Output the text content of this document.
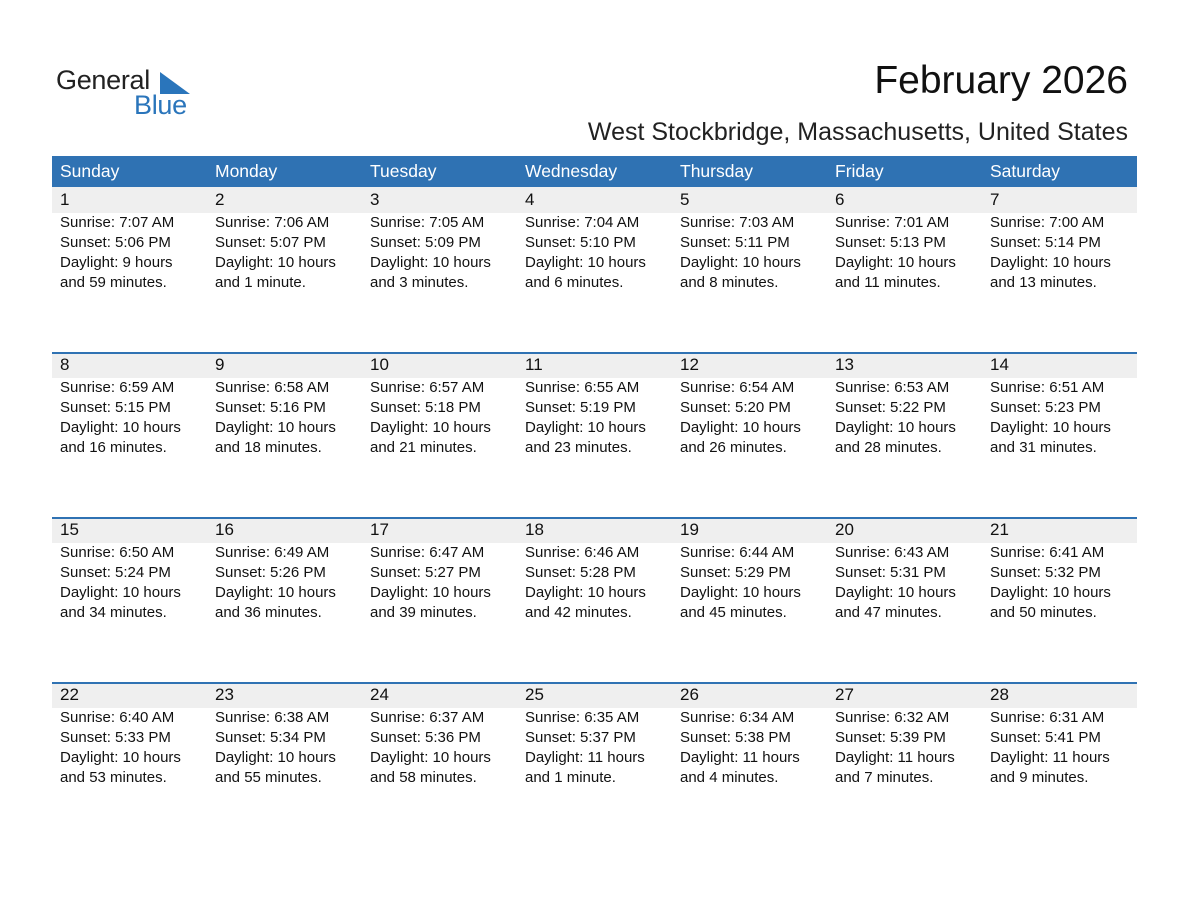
General
Blue
February 2026
West Stockbridge, Massachusetts, United States
Sunday	Monday	Tuesday	Wednesday	Thursday	Friday	Saturday
1
Sunrise: 7:07 AM
Sunset: 5:06 PM
Daylight: 9 hours
and 59 minutes.
2
Sunrise: 7:06 AM
Sunset: 5:07 PM
Daylight: 10 hours
and 1 minute.
3
Sunrise: 7:05 AM
Sunset: 5:09 PM
Daylight: 10 hours
and 3 minutes.
4
Sunrise: 7:04 AM
Sunset: 5:10 PM
Daylight: 10 hours
and 6 minutes.
5
Sunrise: 7:03 AM
Sunset: 5:11 PM
Daylight: 10 hours
and 8 minutes.
6
Sunrise: 7:01 AM
Sunset: 5:13 PM
Daylight: 10 hours
and 11 minutes.
7
Sunrise: 7:00 AM
Sunset: 5:14 PM
Daylight: 10 hours
and 13 minutes.
8
Sunrise: 6:59 AM
Sunset: 5:15 PM
Daylight: 10 hours
and 16 minutes.
9
Sunrise: 6:58 AM
Sunset: 5:16 PM
Daylight: 10 hours
and 18 minutes.
10
Sunrise: 6:57 AM
Sunset: 5:18 PM
Daylight: 10 hours
and 21 minutes.
11
Sunrise: 6:55 AM
Sunset: 5:19 PM
Daylight: 10 hours
and 23 minutes.
12
Sunrise: 6:54 AM
Sunset: 5:20 PM
Daylight: 10 hours
and 26 minutes.
13
Sunrise: 6:53 AM
Sunset: 5:22 PM
Daylight: 10 hours
and 28 minutes.
14
Sunrise: 6:51 AM
Sunset: 5:23 PM
Daylight: 10 hours
and 31 minutes.
15
Sunrise: 6:50 AM
Sunset: 5:24 PM
Daylight: 10 hours
and 34 minutes.
16
Sunrise: 6:49 AM
Sunset: 5:26 PM
Daylight: 10 hours
and 36 minutes.
17
Sunrise: 6:47 AM
Sunset: 5:27 PM
Daylight: 10 hours
and 39 minutes.
18
Sunrise: 6:46 AM
Sunset: 5:28 PM
Daylight: 10 hours
and 42 minutes.
19
Sunrise: 6:44 AM
Sunset: 5:29 PM
Daylight: 10 hours
and 45 minutes.
20
Sunrise: 6:43 AM
Sunset: 5:31 PM
Daylight: 10 hours
and 47 minutes.
21
Sunrise: 6:41 AM
Sunset: 5:32 PM
Daylight: 10 hours
and 50 minutes.
22
Sunrise: 6:40 AM
Sunset: 5:33 PM
Daylight: 10 hours
and 53 minutes.
23
Sunrise: 6:38 AM
Sunset: 5:34 PM
Daylight: 10 hours
and 55 minutes.
24
Sunrise: 6:37 AM
Sunset: 5:36 PM
Daylight: 10 hours
and 58 minutes.
25
Sunrise: 6:35 AM
Sunset: 5:37 PM
Daylight: 11 hours
and 1 minute.
26
Sunrise: 6:34 AM
Sunset: 5:38 PM
Daylight: 11 hours
and 4 minutes.
27
Sunrise: 6:32 AM
Sunset: 5:39 PM
Daylight: 11 hours
and 7 minutes.
28
Sunrise: 6:31 AM
Sunset: 5:41 PM
Daylight: 11 hours
and 9 minutes.
